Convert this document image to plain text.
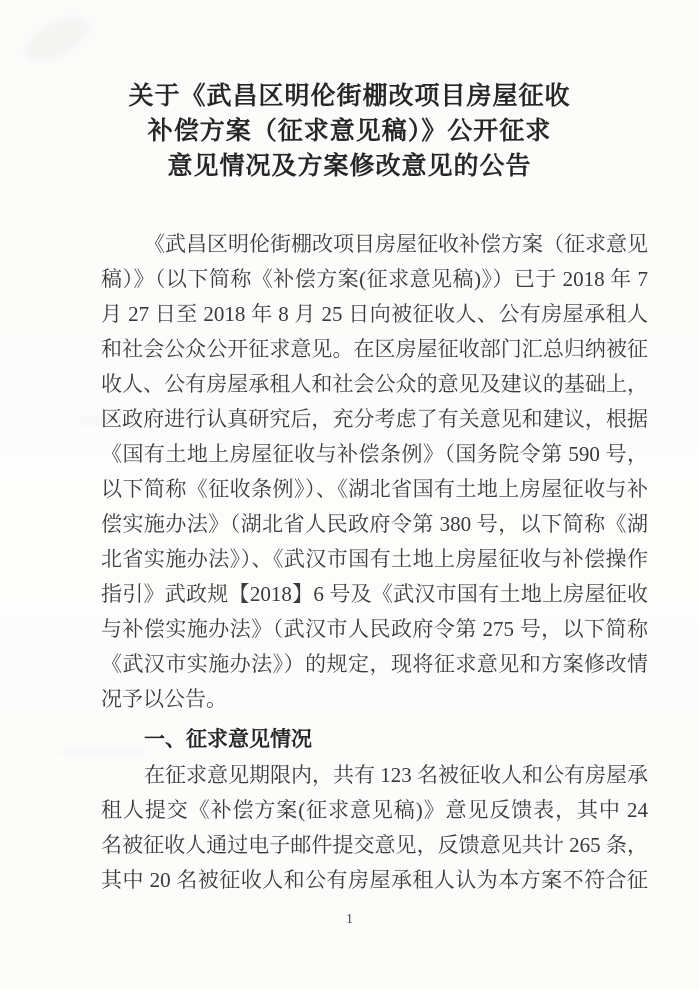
关于《武昌区明伦街棚改项目房屋征收
补偿方案（征求意见稿）》公开征求
意见情况及方案修改意见的公告
《武昌区明伦街棚改项目房屋征收补偿方案（征求意见
稿）》（以下简称《补偿方案(征求意见稿)》）已于 2018 年 7
月 27 日至 2018 年 8 月 25 日向被征收人、公有房屋承租人
和社会公众公开征求意见。在区房屋征收部门汇总归纳被征
收人、公有房屋承租人和社会公众的意见及建议的基础上，
区政府进行认真研究后，充分考虑了有关意见和建议，根据
《国有土地上房屋征收与补偿条例》（国务院令第 590 号，
以下简称《征收条例》）、《湖北省国有土地上房屋征收与补
偿实施办法》（湖北省人民政府令第 380 号，以下简称《湖
北省实施办法》）、《武汉市国有土地上房屋征收与补偿操作
指引》武政规【2018】6 号及《武汉市国有土地上房屋征收
与补偿实施办法》（武汉市人民政府令第 275 号，以下简称
《武汉市实施办法》）的规定，现将征求意见和方案修改情
况予以公告。
一、征求意见情况
在征求意见期限内，共有 123 名被征收人和公有房屋承
租人提交《补偿方案(征求意见稿)》意见反馈表，其中 24
名被征收人通过电子邮件提交意见，反馈意见共计 265 条，
其中 20 名被征收人和公有房屋承租人认为本方案不符合征
1
